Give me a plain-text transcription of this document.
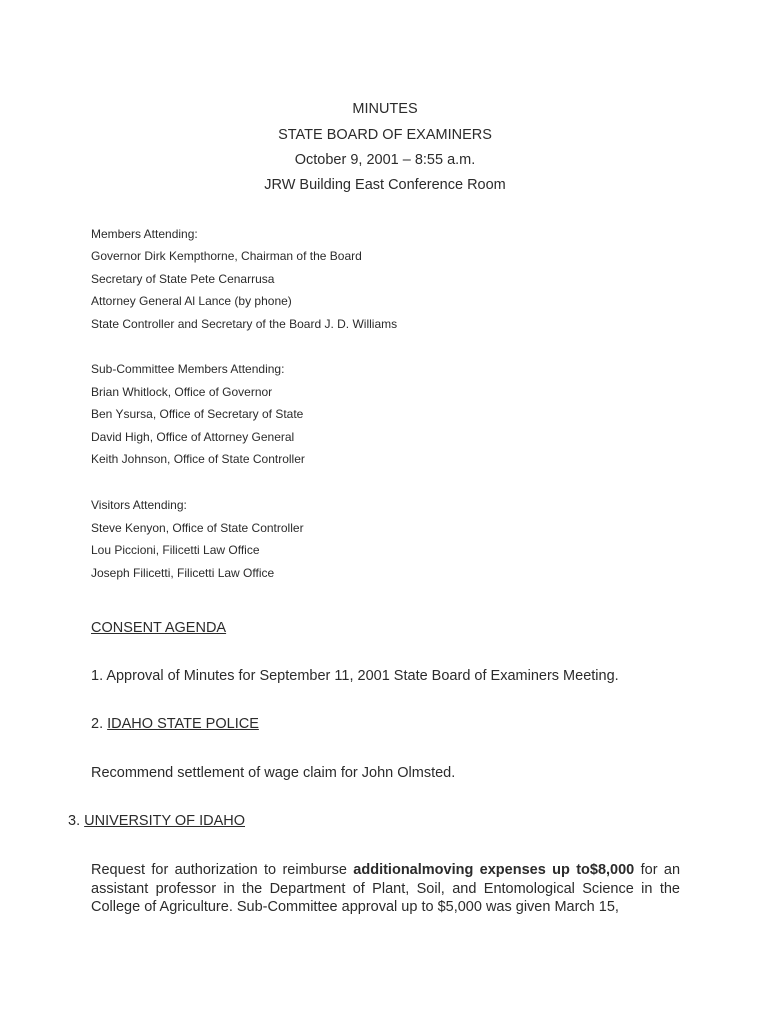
MINUTES
STATE BOARD OF EXAMINERS
October 9, 2001 – 8:55 a.m.
JRW Building East Conference Room
Members Attending:
Governor Dirk Kempthorne, Chairman of the Board
Secretary of State Pete Cenarrusa
Attorney General Al Lance (by phone)
State Controller and Secretary of the Board J. D. Williams
Sub-Committee Members Attending:
Brian Whitlock, Office of Governor
Ben Ysursa, Office of Secretary of State
David High, Office of Attorney General
Keith Johnson, Office of State Controller
Visitors Attending:
Steve Kenyon, Office of State Controller
Lou Piccioni, Filicetti Law Office
Joseph Filicetti, Filicetti Law Office
CONSENT AGENDA
1. Approval of Minutes for September 11, 2001 State Board of Examiners Meeting.
2. IDAHO STATE POLICE
Recommend settlement of wage claim for John Olmsted.
3. UNIVERSITY OF IDAHO
Request for authorization to reimburse additionalmoving expenses up to$8,000 for an assistant professor in the Department of Plant, Soil, and Entomological Science in the College of Agriculture. Sub-Committee approval up to $5,000 was given March 15,
